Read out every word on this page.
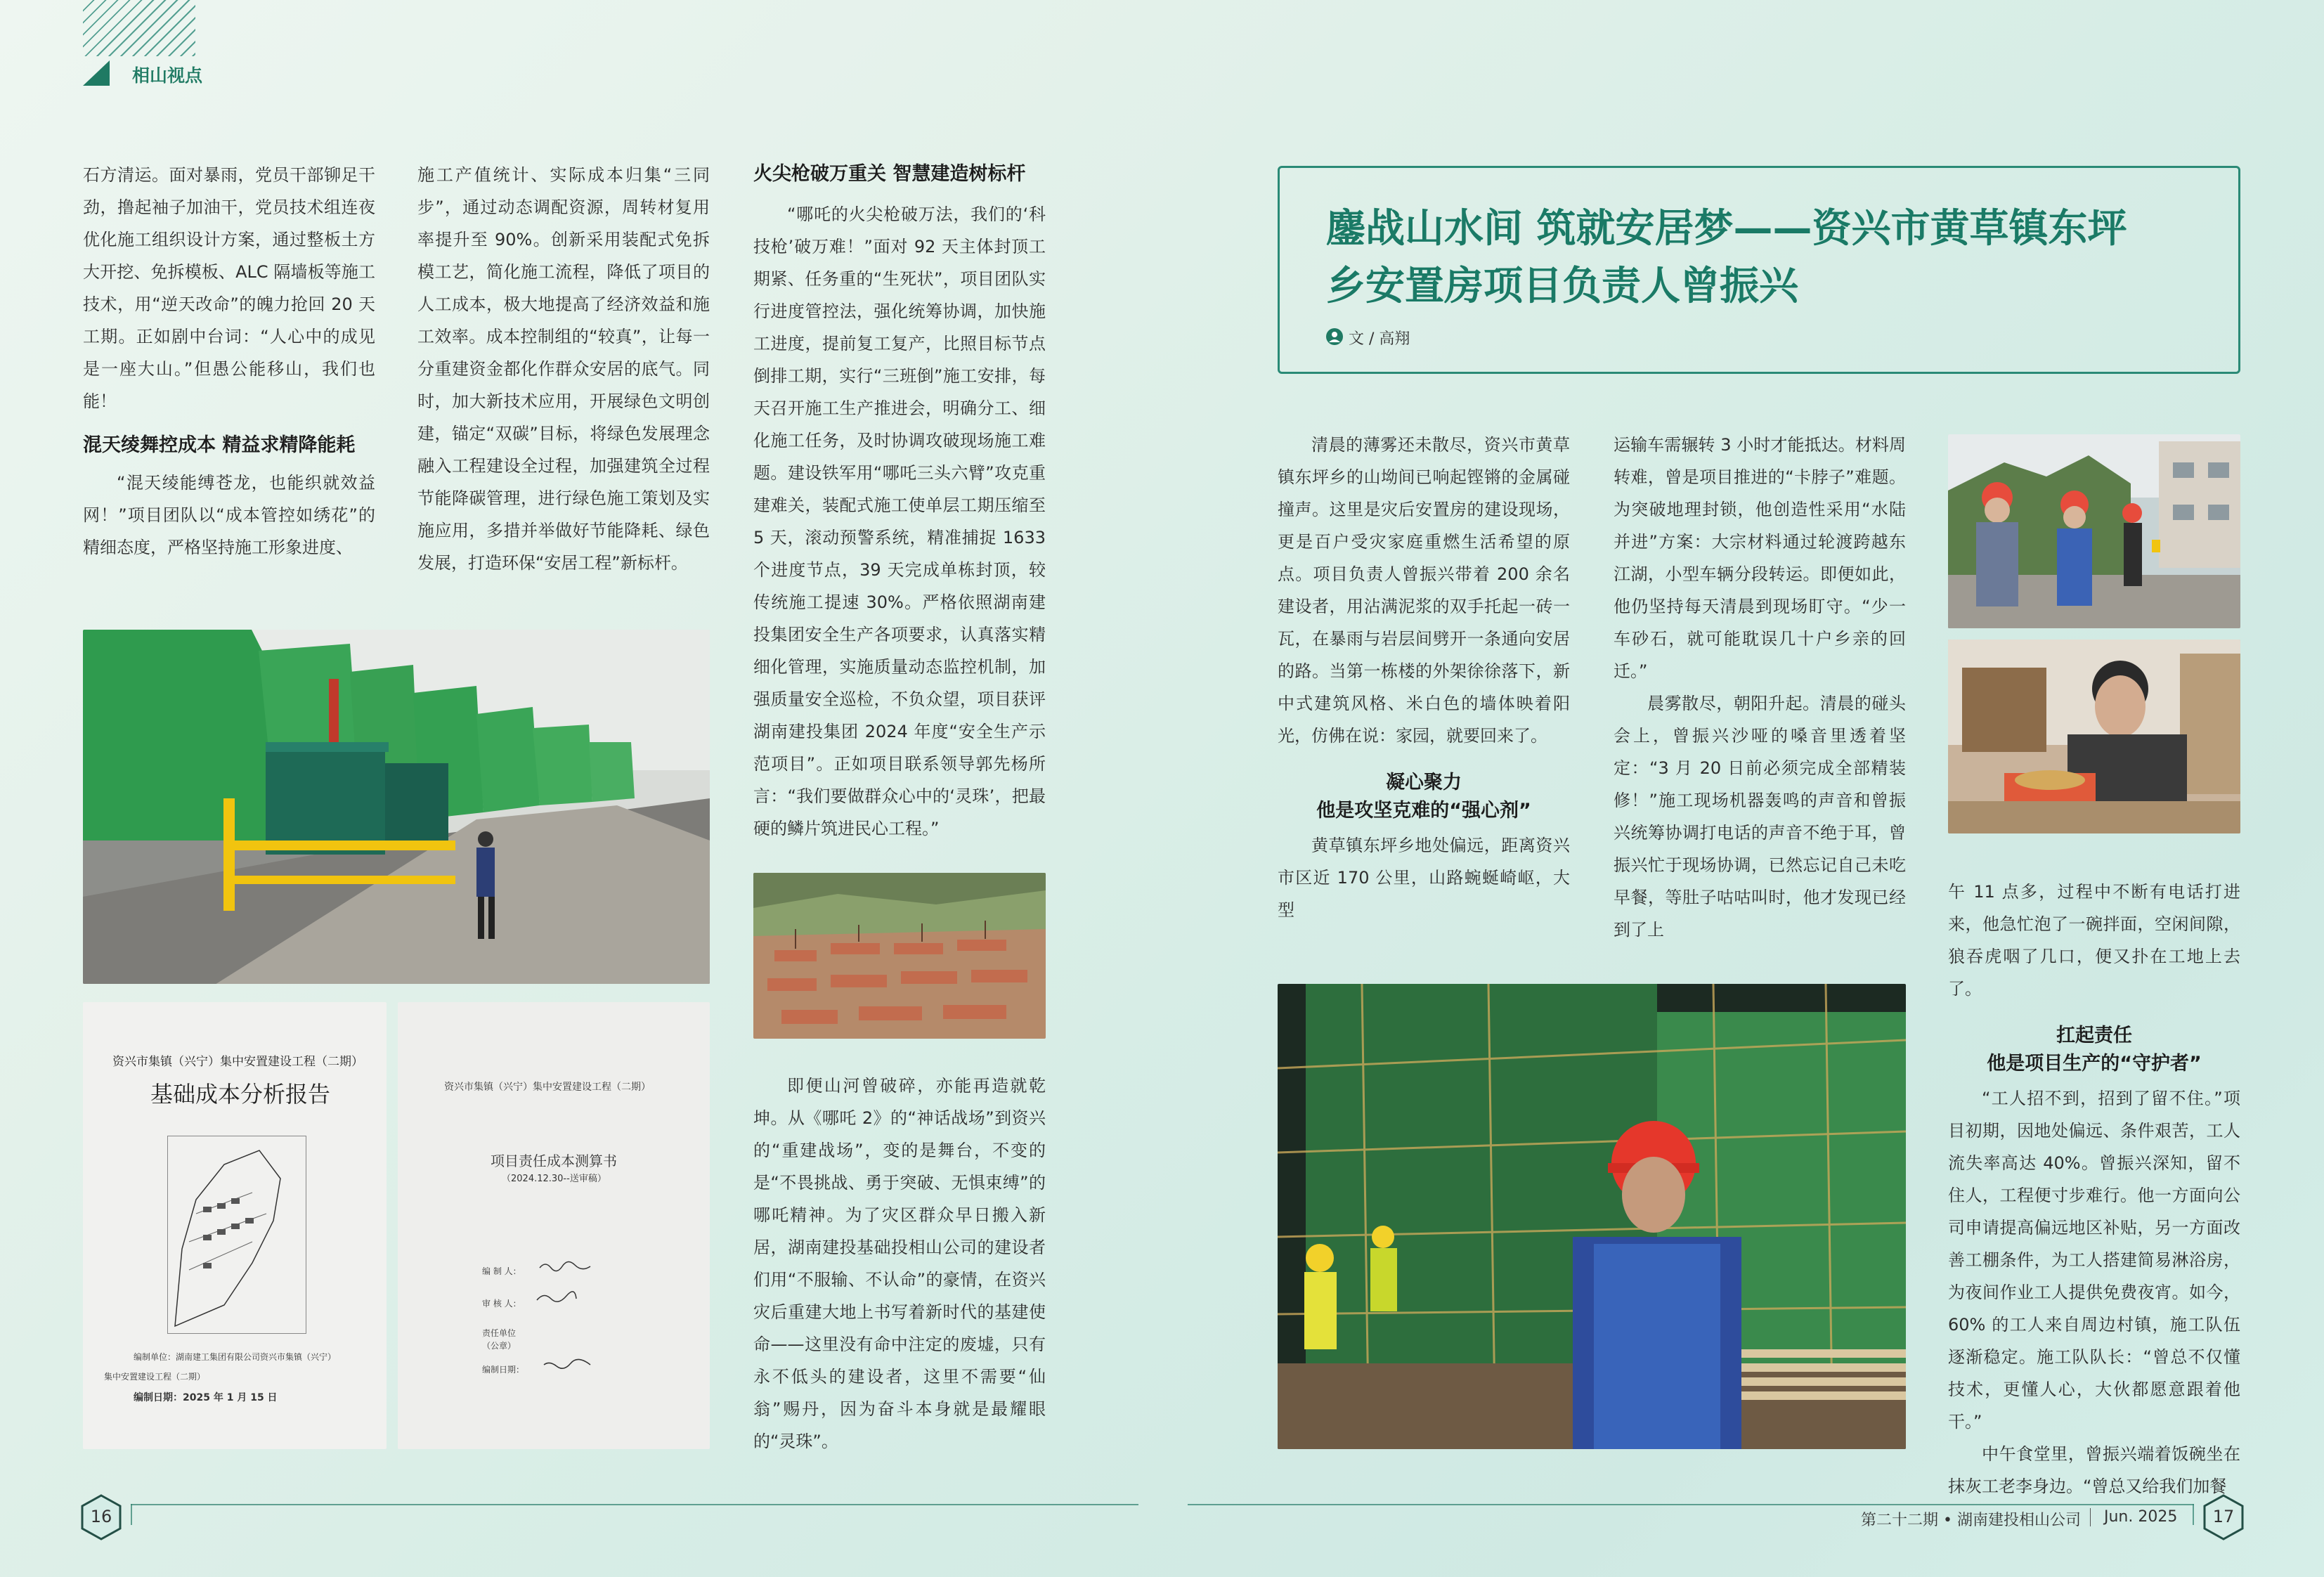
相山视点

石方清运。面对暴雨，党员干部铆足干劲，撸起袖子加油干，党员技术组连夜优化施工组织设计方案，通过整板土方大开挖、免拆模板、ALC 隔墙板等施工技术，用“逆天改命”的魄力抢回 20 天工期。正如剧中台词：“人心中的成见是一座大山。”但愚公能移山，我们也能！

混天绫舞控成本 精益求精降能耗

“混天绫能缚苍龙，也能织就效益网！”项目团队以“成本管控如绣花”的精细态度，严格坚持施工形象进度、

施工产值统计、实际成本归集“三同步”，通过动态调配资源，周转材复用率提升至 90%。创新采用装配式免拆模工艺，简化施工流程，降低了项目的人工成本，极大地提高了经济效益和施工效率。成本控制组的“较真”，让每一分重建资金都化作群众安居的底气。同时，加大新技术应用，开展绿色文明创建，锚定“双碳”目标，将绿色发展理念融入工程建设全过程，加强建筑全过程节能降碳管理，进行绿色施工策划及实施应用，多措并举做好节能降耗、绿色发展，打造环保“安居工程”新标杆。

火尖枪破万重关 智慧建造树标杆

“哪吒的火尖枪破万法，我们的‘科技枪’破万难！”面对 92 天主体封顶工期紧、任务重的“生死状”，项目团队实行进度管控法，强化统筹协调，加快施工进度，提前复工复产，比照目标节点倒排工期，实行“三班倒”施工安排，每天召开施工生产推进会，明确分工、细化施工任务，及时协调攻破现场施工难题。建设铁军用“哪吒三头六臂”攻克重建难关，装配式施工使单层工期压缩至 5 天，滚动预警系统，精准捕捉 1633 个进度节点，39 天完成单栋封顶，较传统施工提速 30%。严格依照湖南建投集团安全生产各项要求，认真落实精细化管理，实施质量动态监控机制，加强质量安全巡检，不负众望，项目获评湖南建投集团 2024 年度“安全生产示范项目”。正如项目联系领导郭先杨所言：“我们要做群众心中的‘灵珠’，把最硬的鳞片筑进民心工程。”

即便山河曾破碎，亦能再造就乾坤。从《哪吒 2》的“神话战场”到资兴的“重建战场”，变的是舞台，不变的是“不畏挑战、勇于突破、无惧束缚”的哪吒精神。为了灾区群众早日搬入新居，湖南建投基础投相山公司的建设者们用“不服输、不认命”的豪情，在资兴灾后重建大地上书写着新时代的基建使命——这里没有命中注定的废墟，只有永不低头的建设者，这里不需要“仙翁”赐丹，因为奋斗本身就是最耀眼的“灵珠”。

资兴市集镇（兴宁）集中安置建设工程（二期）
基础成本分析报告
编制单位：湖南建工集团有限公司资兴市集镇（兴宁）
集中安置建设工程（二期）
编制日期：2025 年 1 月 15 日
资兴市集镇（兴宁）集中安置建设工程（二期）
项目责任成本测算书
（2024.12.30--送审稿）
编 制 人：
审 核 人：
责任单位
（公章）
编制日期：
鏖战山水间 筑就安居梦——资兴市黄草镇东坪
乡安置房项目负责人曾振兴
文 / 高翔

清晨的薄雾还未散尽，资兴市黄草镇东坪乡的山坳间已响起铿锵的金属碰撞声。这里是灾后安置房的建设现场，更是百户受灾家庭重燃生活希望的原点。项目负责人曾振兴带着 200 余名建设者，用沾满泥浆的双手托起一砖一瓦，在暴雨与岩层间劈开一条通向安居的路。当第一栋楼的外架徐徐落下，新中式建筑风格、米白色的墙体映着阳光，仿佛在说：家园，就要回来了。

凝心聚力
他是攻坚克难的“强心剂”

黄草镇东坪乡地处偏远，距离资兴市区近 170 公里，山路蜿蜒崎岖，大型

运输车需辗转 3 小时才能抵达。材料周转难，曾是项目推进的“卡脖子”难题。为突破地理封锁，他创造性采用“水陆并进”方案：大宗材料通过轮渡跨越东江湖，小型车辆分段转运。即便如此，他仍坚持每天清晨到现场盯守。“少一车砂石，就可能耽误几十户乡亲的回迁。”

晨雾散尽，朝阳升起。清晨的碰头会上，曾振兴沙哑的嗓音里透着坚定：“3 月 20 日前必须完成全部精装修！”施工现场机器轰鸣的声音和曾振兴统筹协调打电话的声音不绝于耳，曾振兴忙于现场协调，已然忘记自己未吃早餐，等肚子咕咕叫时，他才发现已经到了上

午 11 点多，过程中不断有电话打进来，他急忙泡了一碗拌面，空闲间隙，狼吞虎咽了几口，便又扑在工地上去了。

扛起责任
他是项目生产的“守护者”

“工人招不到，招到了留不住。”项目初期，因地处偏远、条件艰苦，工人流失率高达 40%。曾振兴深知，留不住人，工程便寸步难行。他一方面向公司申请提高偏远地区补贴，另一方面改善工棚条件，为工人搭建简易淋浴房，为夜间作业工人提供免费夜宵。如今，60% 的工人来自周边村镇，施工队伍逐渐稳定。施工队队长：“曾总不仅懂技术，更懂人心，大伙都愿意跟着他干。”

中午食堂里，曾振兴端着饭碗坐在抹灰工老李身边。“曾总又给我们加餐

16	17
第二十二期 • 湖南建投相山公司 Jun. 2025
